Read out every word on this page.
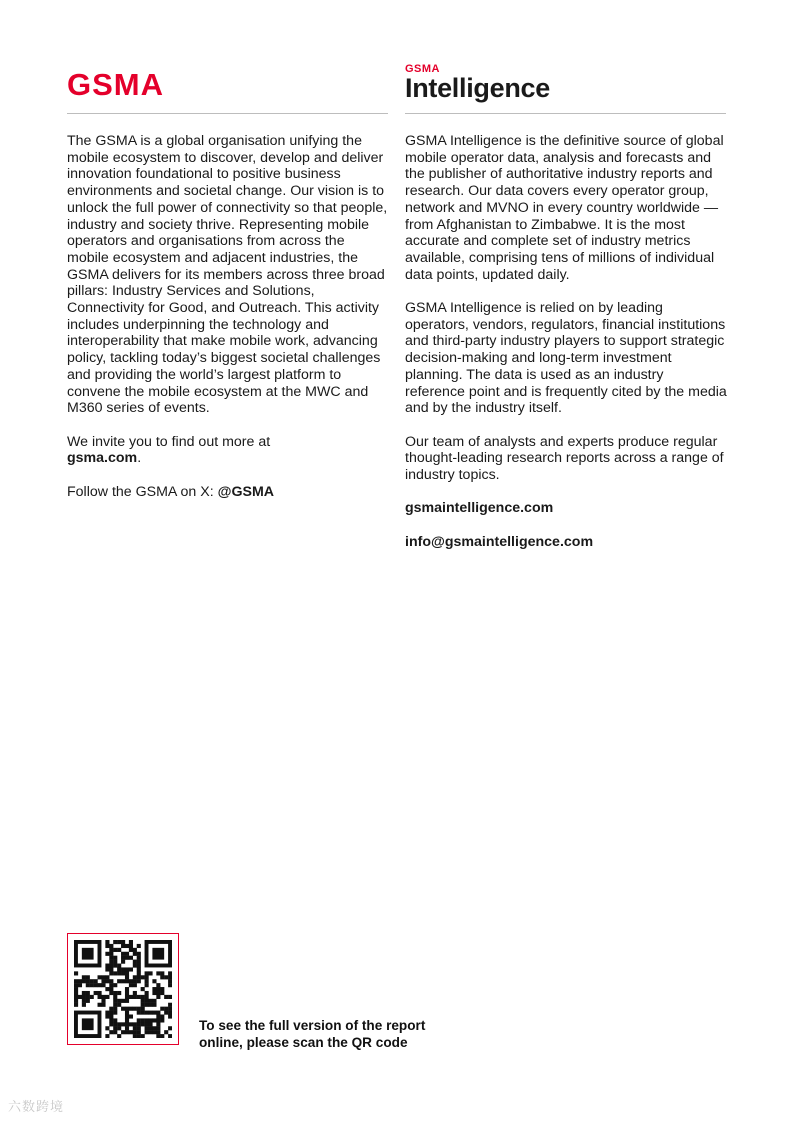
GSMA	GSMA
Intelligence

The GSMA is a global organisation unifying the mobile ecosystem to discover, develop and deliver innovation foundational to positive business environments and societal change. Our vision is to unlock the full power of connectivity so that people, industry and society thrive. Representing mobile operators and organisations from across the mobile ecosystem and adjacent industries, the GSMA delivers for its members across three broad pillars: Industry Services and Solutions, Connectivity for Good, and Outreach. This activity includes underpinning the technology and interoperability that make mobile work, advancing policy, tackling today’s biggest societal challenges and providing the world’s largest platform to convene the mobile ecosystem at the MWC and M360 series of events.

We invite you to find out more at
gsma.com.

Follow the GSMA on X: @GSMA

GSMA Intelligence is the definitive source of global mobile operator data, analysis and forecasts and the publisher of authoritative industry reports and research. Our data covers every operator group, network and MVNO in every country worldwide — from Afghanistan to Zimbabwe. It is the most accurate and complete set of industry metrics available, comprising tens of millions of individual data points, updated daily.

GSMA Intelligence is relied on by leading operators, vendors, regulators, financial institutions and third-party industry players to support strategic decision-making and long-term investment planning. The data is used as an industry reference point and is frequently cited by the media and by the industry itself.

Our team of analysts and experts produce regular thought-leading research reports across a range of industry topics.

gsmaintelligence.com

info@gsmaintelligence.com

To see the full version of the report
online, please scan the QR code
六数跨境
